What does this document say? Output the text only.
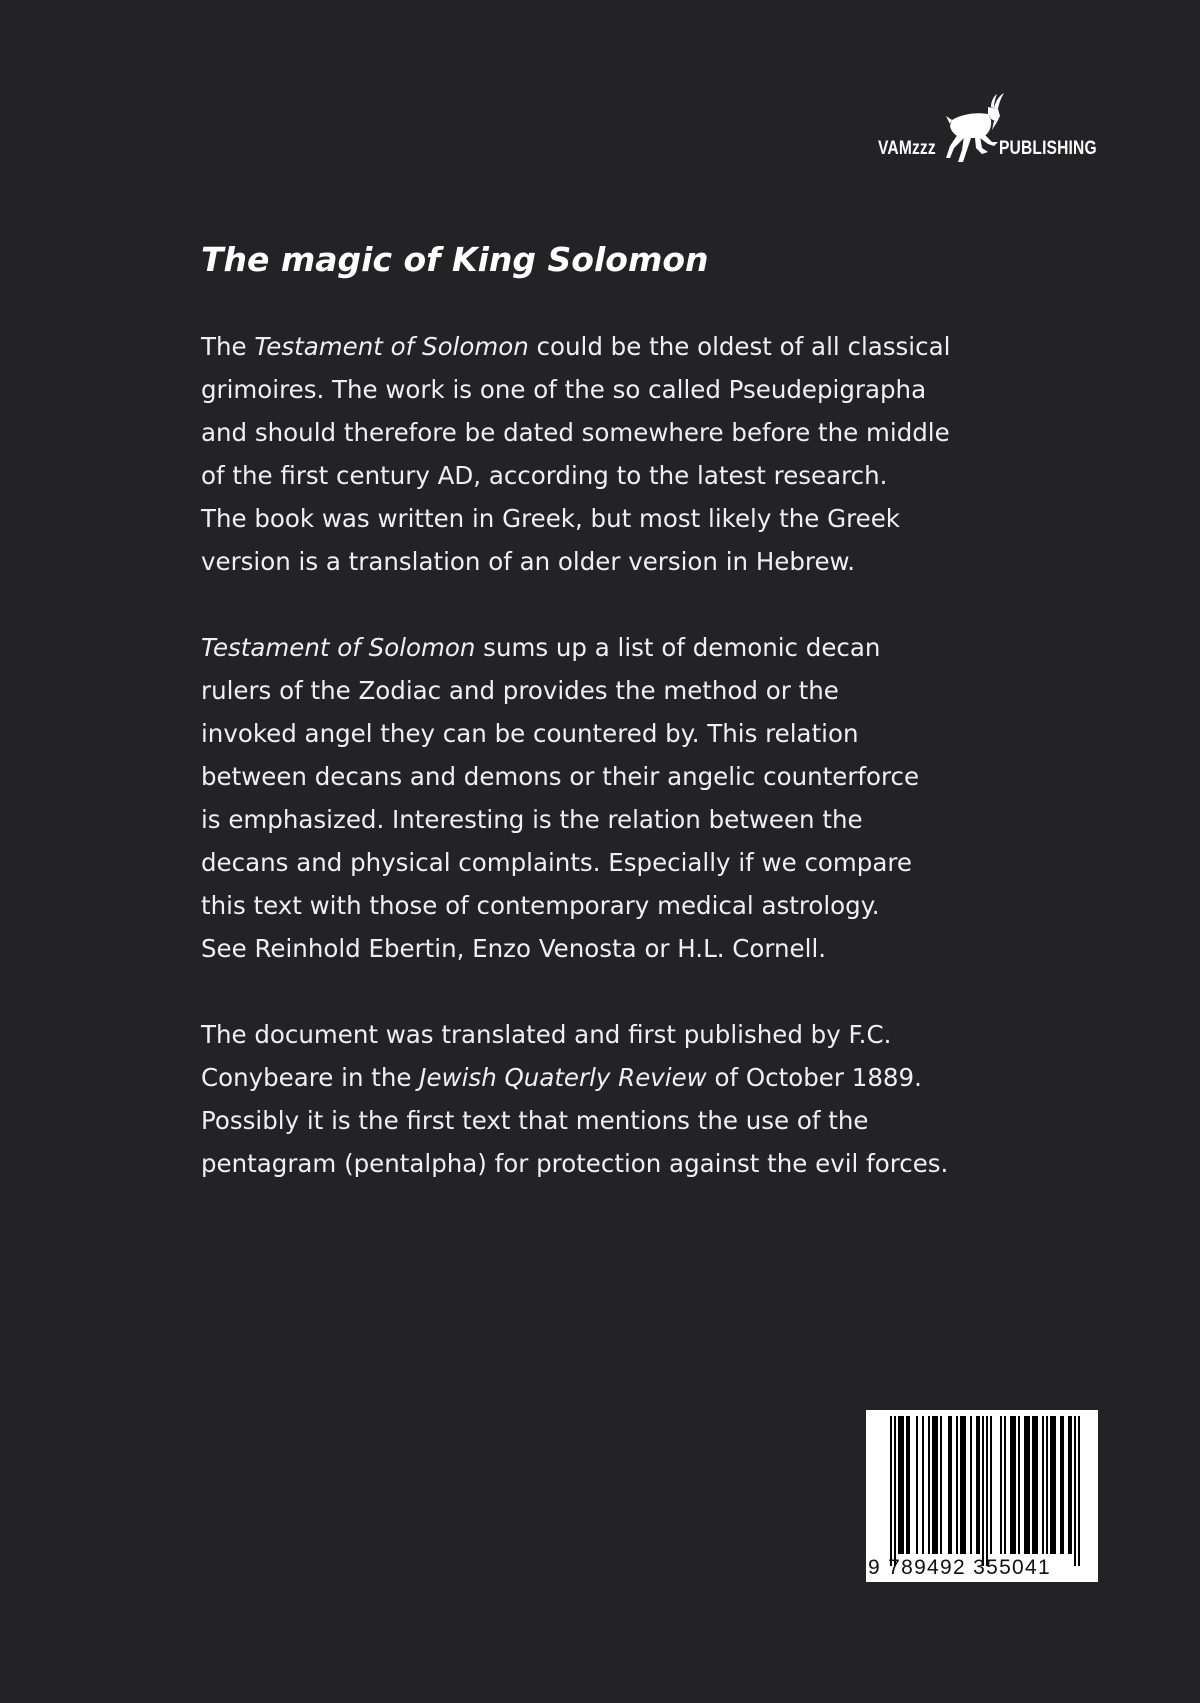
VAMzzz	PUBLISHING
The magic of King Solomon
The Testament of Solomon could be the oldest of all classical
grimoires. The work is one of the so called Pseudepigrapha
and should therefore be dated somewhere before the middle
of the first century AD, according to the latest research.
The book was written in Greek, but most likely the Greek
version is a translation of an older version in Hebrew.
Testament of Solomon sums up a list of demonic decan
rulers of the Zodiac and provides the method or the
invoked angel they can be countered by. This relation
between decans and demons or their angelic counterforce
is emphasized. Interesting is the relation between the
decans and physical complaints. Especially if we compare
this text with those of contemporary medical astrology.
See Reinhold Ebertin, Enzo Venosta or H.L. Cornell.
The document was translated and first published by F.C.
Conybeare in the Jewish Quaterly Review of October 1889.
Possibly it is the first text that mentions the use of the
pentagram (pentalpha) for protection against the evil forces.
9 789492 355041
